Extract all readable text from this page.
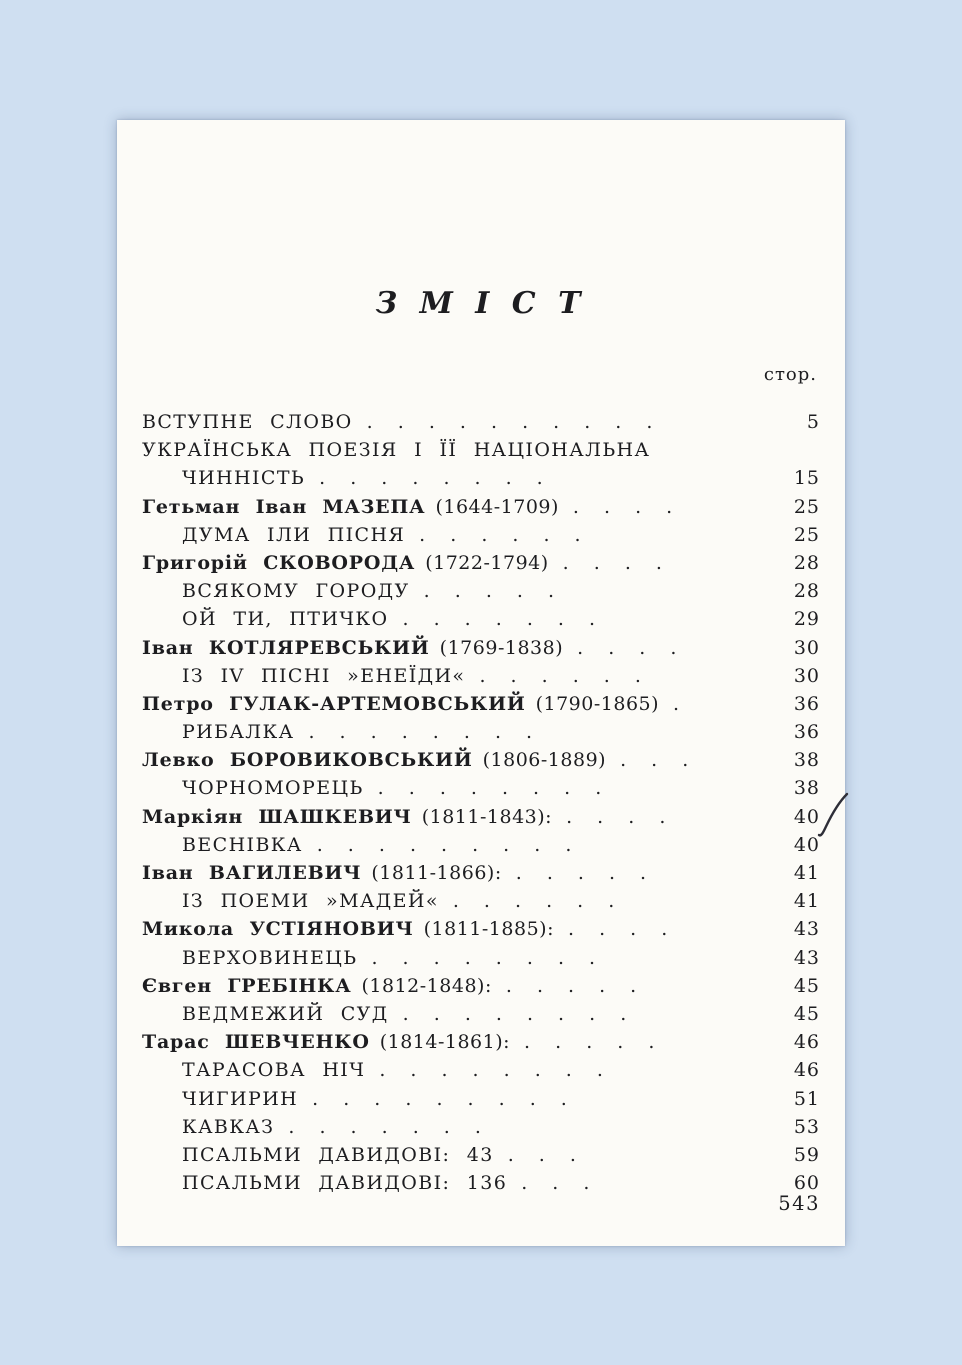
З М І С Т
стор.
ВСТУПНЕ СЛОВО . . . . . . . . . .	5
УКРАЇНСЬКА ПОЕЗІЯ І ЇЇ НАЦІОНАЛЬНА
ЧИННІСТЬ . . . . . . . .	15
Гетьман Іван МАЗЕПА (1644-1709) . . . .	25
ДУМА ІЛИ ПІСНЯ . . . . . .	25
Григорій СКОВОРОДА (1722-1794) . . . .	28
ВСЯКОМУ ГОРОДУ . . . . .	28
ОЙ ТИ, ПТИЧКО . . . . . . .	29
Іван КОТЛЯРЕВСЬКИЙ (1769-1838) . . . .	30
ІЗ IV ПІСНІ »ЕНЕЇДИ« . . . . . .	30
Петро ГУЛАК-АРТЕМОВСЬКИЙ (1790-1865) .	36
РИБАЛКА . . . . . . . .	36
Левко БОРОВИКОВСЬКИЙ (1806-1889) . . .	38
ЧОРНОМОРЕЦЬ . . . . . . . .	38
Маркіян ШАШКЕВИЧ (1811-1843): . . . .	40
ВЕСНІВКА . . . . . . . . .	40
Іван ВАГИЛЕВИЧ (1811-1866): . . . . .	41
ІЗ ПОЕМИ »МАДЕЙ« . . . . . .	41
Микола УСТІЯНОВИЧ (1811-1885): . . . .	43
ВЕРХОВИНЕЦЬ . . . . . . . .	43
Євген ГРЕБІНКА (1812-1848): . . . . .	45
ВЕДМЕЖИЙ СУД . . . . . . . .	45
Тарас ШЕВЧЕНКО (1814-1861): . . . . .	46
ТАРАСОВА НІЧ . . . . . . . .	46
ЧИГИРИН . . . . . . . . .	51
КАВКАЗ . . . . . . .	53
ПСАЛЬМИ ДАВИДОВІ: 43 . . .	59
ПСАЛЬМИ ДАВИДОВІ: 136 . . .	60
543
